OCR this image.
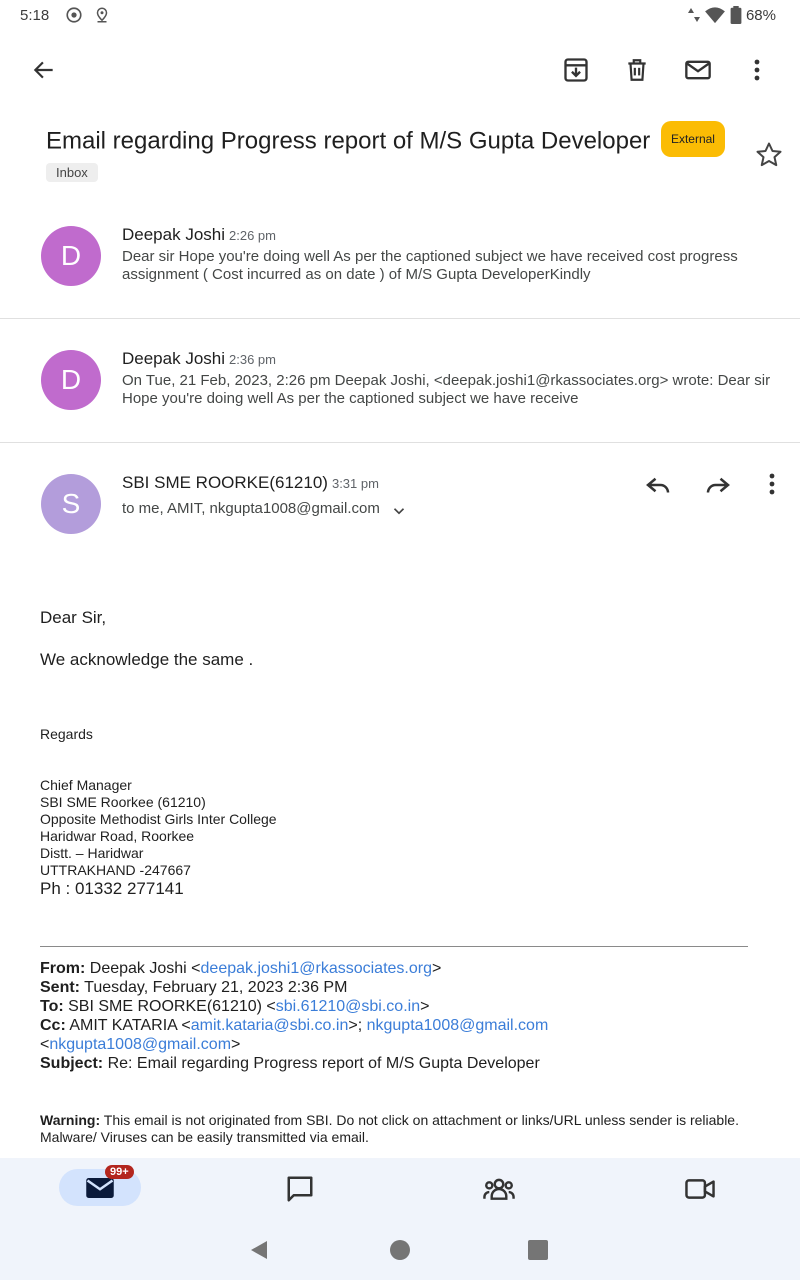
5:18	68%
Email regarding Progress report of M/S Gupta Developer External
Inbox
D
Deepak Joshi 2:26 pm
Dear sir Hope you're doing well As per the captioned subject we have received cost progress assignment ( Cost incurred as on date ) of M/S Gupta DeveloperKindly
D
Deepak Joshi 2:36 pm
On Tue, 21 Feb, 2023, 2:26 pm Deepak Joshi, <deepak.joshi1@rkassociates.org> wrote: Dear sir Hope you're doing well As per the captioned subject we have receive
S
SBI SME ROORKE(61210) 3:31 pm
to me, AMIT, nkgupta1008@gmail.com
Dear Sir,
We acknowledge the same .
Regards
Chief Manager
SBI SME Roorkee (61210)
Opposite Methodist Girls Inter College
Haridwar Road, Roorkee
Distt. – Haridwar
UTTRAKHAND -247667
Ph : 01332 277141
From: Deepak Joshi <deepak.joshi1@rkassociates.org>
Sent: Tuesday, February 21, 2023 2:36 PM
To: SBI SME ROORKE(61210) <sbi.61210@sbi.co.in>
Cc: AMIT KATARIA <amit.kataria@sbi.co.in>; nkgupta1008@gmail.com
<nkgupta1008@gmail.com>
Subject: Re: Email regarding Progress report of M/S Gupta Developer
Warning: This email is not originated from SBI. Do not click on attachment or links/URL unless sender is reliable. Malware/ Viruses can be easily transmitted via email.
99+
